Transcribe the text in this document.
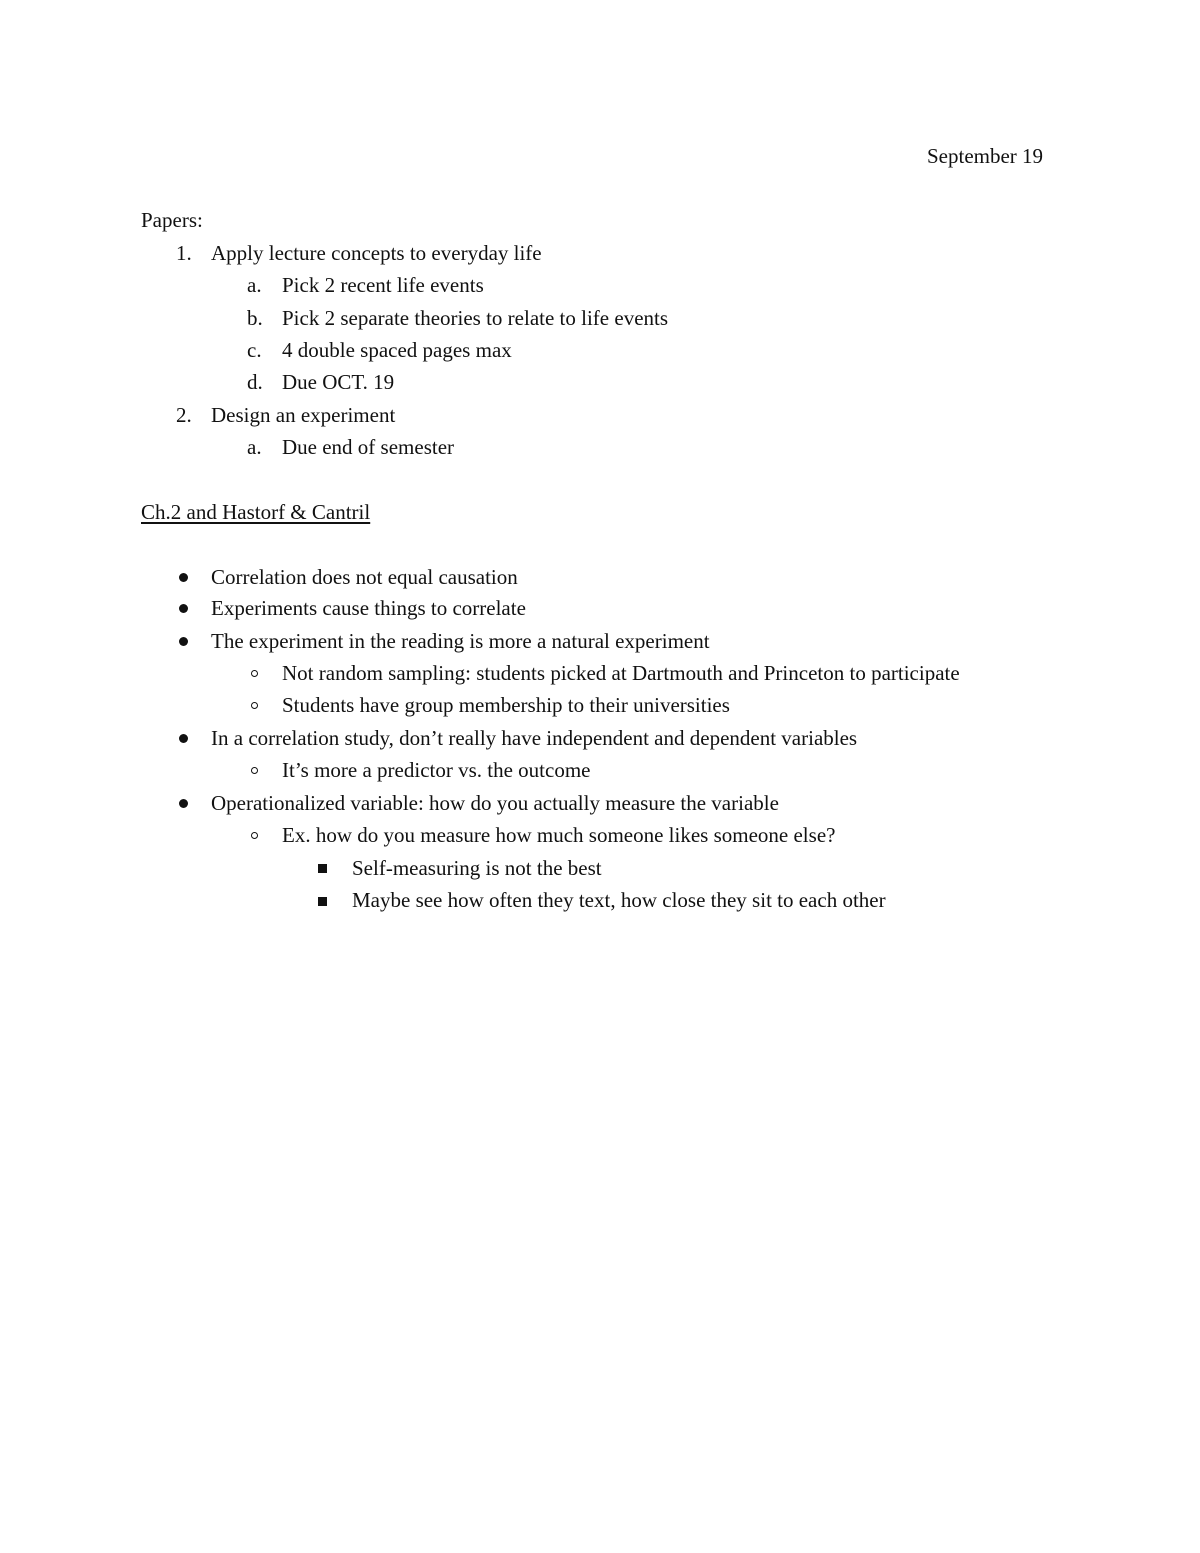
September 19
Papers:
1. Apply lecture concepts to everyday life
a. Pick 2 recent life events
b. Pick 2 separate theories to relate to life events
c. 4 double spaced pages max
d. Due OCT. 19
2. Design an experiment
a. Due end of semester
Ch.2 and Hastorf & Cantril
Correlation does not equal causation
Experiments cause things to correlate
The experiment in the reading is more a natural experiment
Not random sampling: students picked at Dartmouth and Princeton to participate
Students have group membership to their universities
In a correlation study, don’t really have independent and dependent variables
It’s more a predictor vs. the outcome
Operationalized variable: how do you actually measure the variable
Ex. how do you measure how much someone likes someone else?
Self-measuring is not the best
Maybe see how often they text, how close they sit to each other
